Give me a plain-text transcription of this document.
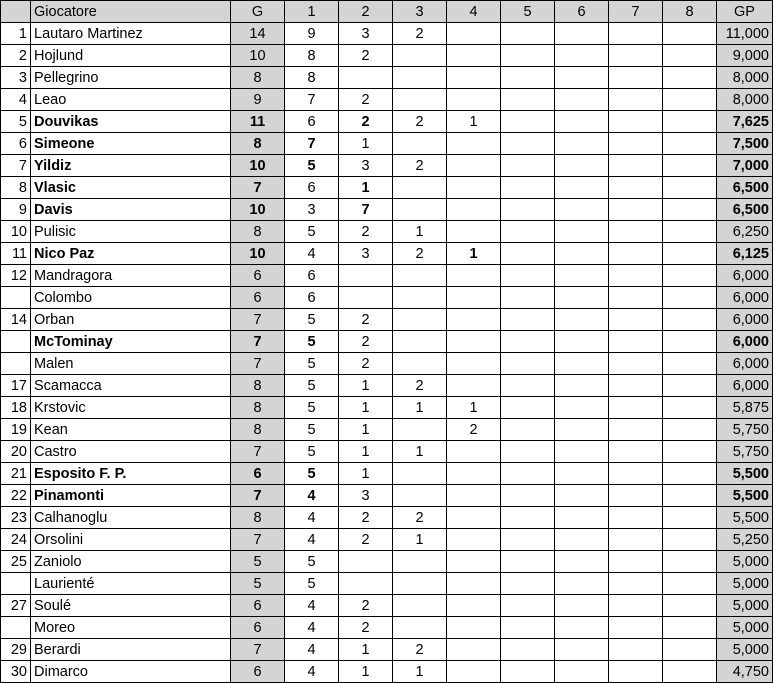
	Giocatore	G	1	2	3	4	5	6	7	8	GP
1	Lautaro Martinez	14	9	3	2						11,000
2	Hojlund	10	8	2							9,000
3	Pellegrino	8	8								8,000
4	Leao	9	7	2							8,000
5	Douvikas	11	6	2	2	1					7,625
6	Simeone	8	7	1							7,500
7	Yildiz	10	5	3	2						7,000
8	Vlasic	7	6	1							6,500
9	Davis	10	3	7							6,500
10	Pulisic	8	5	2	1						6,250
11	Nico Paz	10	4	3	2	1					6,125
12	Mandragora	6	6								6,000
	Colombo	6	6								6,000
14	Orban	7	5	2							6,000
	McTominay	7	5	2							6,000
	Malen	7	5	2							6,000
17	Scamacca	8	5	1	2						6,000
18	Krstovic	8	5	1	1	1					5,875
19	Kean	8	5	1		2					5,750
20	Castro	7	5	1	1						5,750
21	Esposito F. P.	6	5	1							5,500
22	Pinamonti	7	4	3							5,500
23	Calhanoglu	8	4	2	2						5,500
24	Orsolini	7	4	2	1						5,250
25	Zaniolo	5	5								5,000
	Laurienté	5	5								5,000
27	Soulé	6	4	2							5,000
	Moreo	6	4	2							5,000
29	Berardi	7	4	1	2						5,000
30	Dimarco	6	4	1	1						4,750
